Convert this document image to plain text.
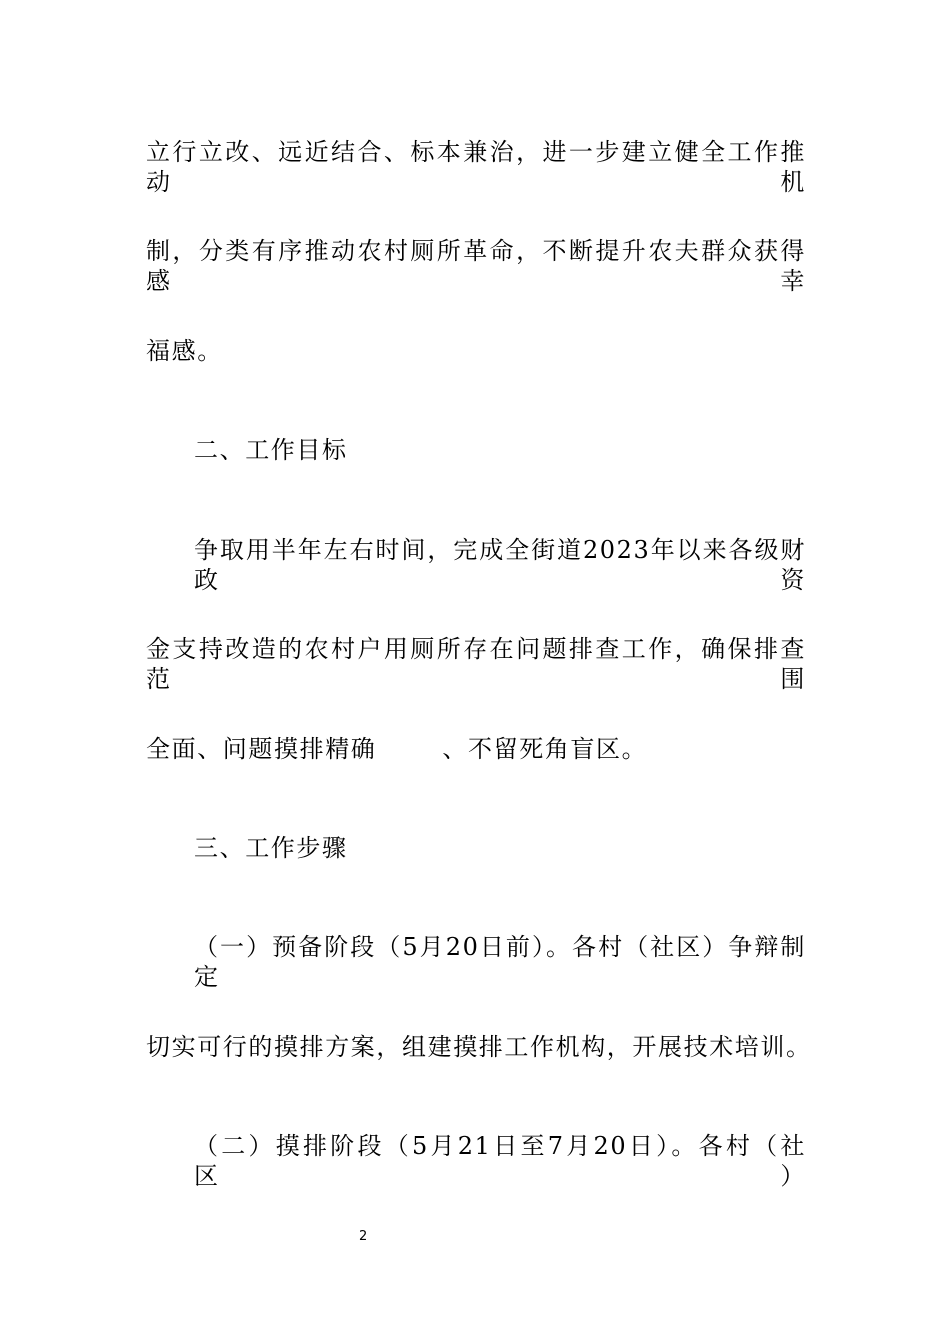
立行立改、远近结合、标本兼治，进一步建立健全工作推动机
制，分类有序推动农村厕所革命，不断提升农夫群众获得感幸
福感。
二、工作目标
争取用半年左右时间，完成全街道2023年以来各级财政资
金支持改造的农村户用厕所存在问题排查工作，确保排查范围
全面、问题摸排精确	、不留死角盲区。
三、工作步骤
（一）预备阶段（5月20日前）。各村（社区）争辩制定
切实可行的摸排方案，组建摸排工作机构，开展技术培训。
（二）摸排阶段（5月21日至7月20日）。各村（社区）
2
